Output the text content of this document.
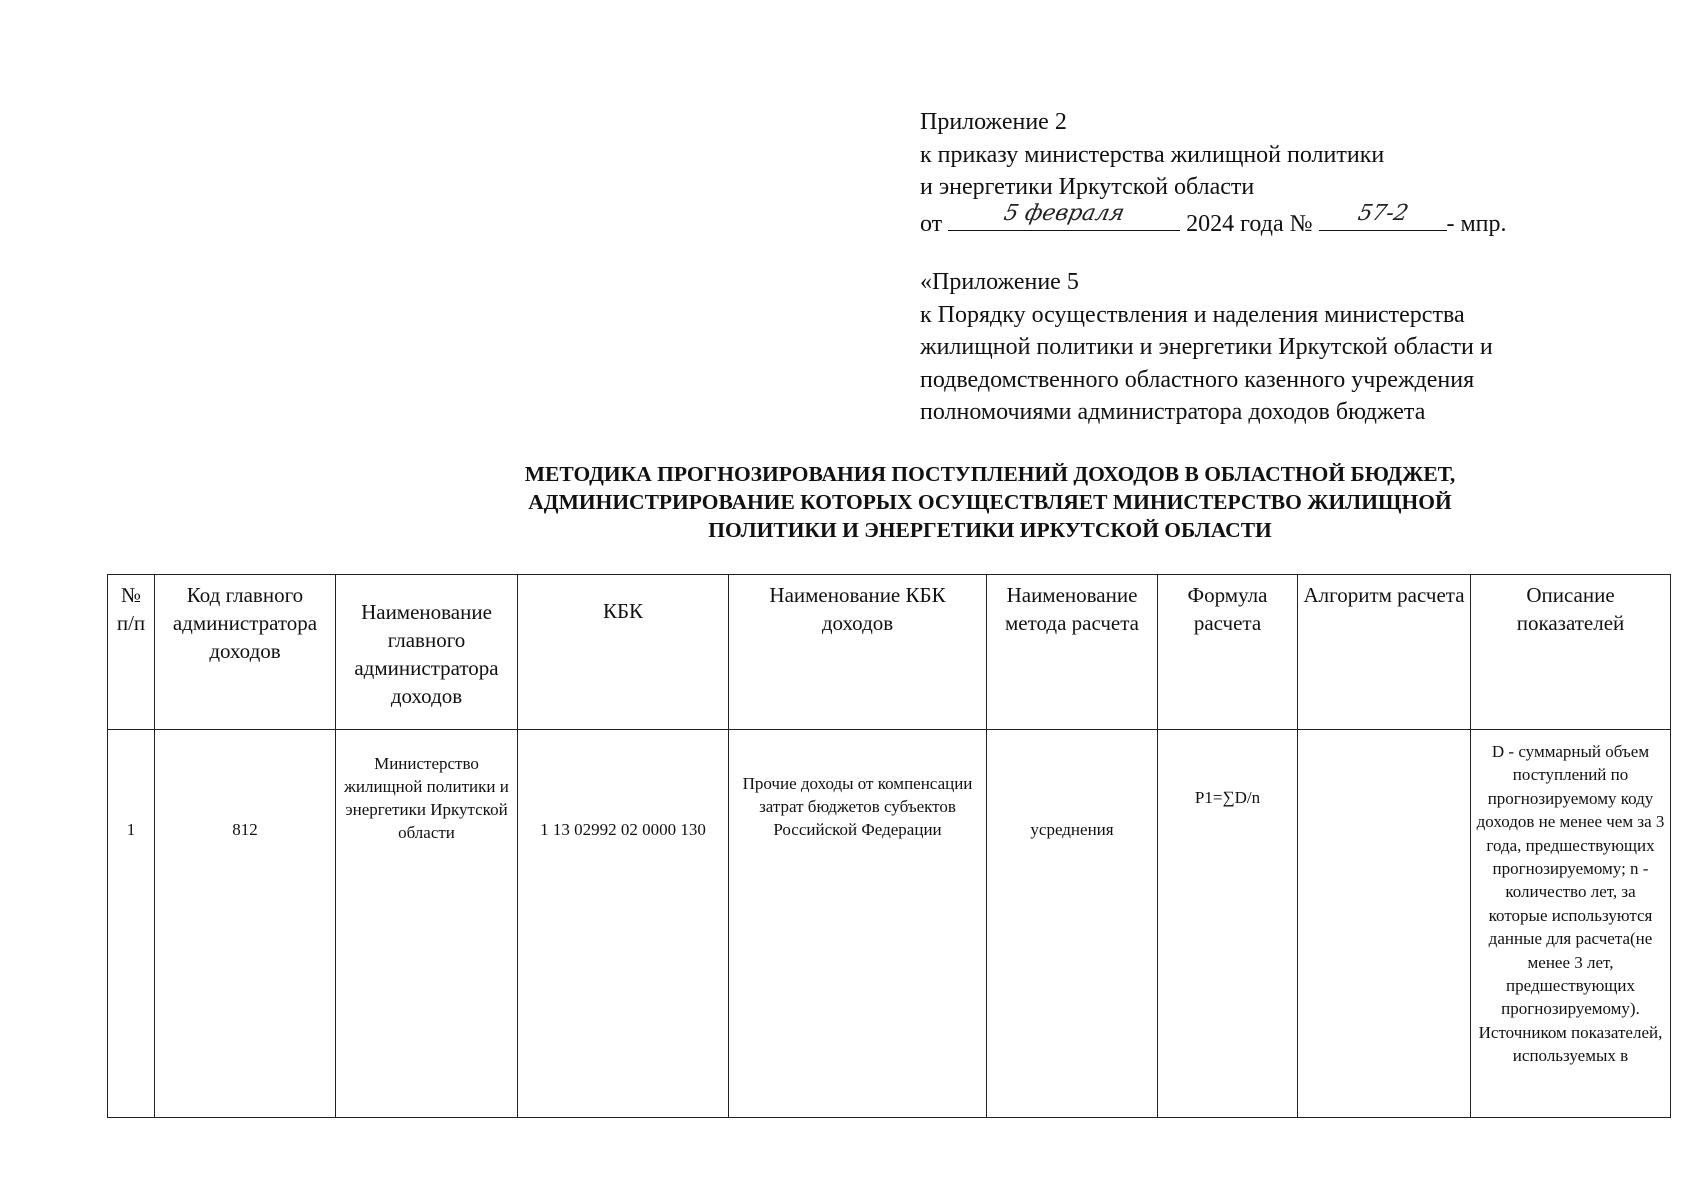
Приложение 2
к приказу министерства жилищной политики
и энергетики Иркутской области
от	5 февраля	2024 года №	57-2	- мпр.
«Приложение 5
к Порядку осуществления и наделения министерства
жилищной политики и энергетики Иркутской области и
подведомственного областного казенного учреждения
полномочиями администратора доходов бюджета
МЕТОДИКА ПРОГНОЗИРОВАНИЯ ПОСТУПЛЕНИЙ ДОХОДОВ В ОБЛАСТНОЙ БЮДЖЕТ,
АДМИНИСТРИРОВАНИЕ КОТОРЫХ ОСУЩЕСТВЛЯЕТ МИНИСТЕРСТВО ЖИЛИЩНОЙ
ПОЛИТИКИ И ЭНЕРГЕТИКИ ИРКУТСКОЙ ОБЛАСТИ
№ п/п	Код главного администратора доходов	Наименование главного администратора доходов	КБК	Наименование КБК доходов	Наименование метода расчета	Формула расчета	Алгоритм расчета	Описание показателей
1	812	Министерство жилищной политики и энергетики Иркутской области	1 13 02992 02 0000 130	Прочие доходы от компенсации затрат бюджетов субъектов Российской Федерации	усреднения	P1=∑D/n		D - суммарный объем поступлений по прогнозируемому коду доходов не менее чем за 3 года, предшествующих прогнозируемому; n - количество лет, за которые используются данные для расчета(не менее 3 лет, предшествующих прогнозируемому). Источником показателей, используемых в
